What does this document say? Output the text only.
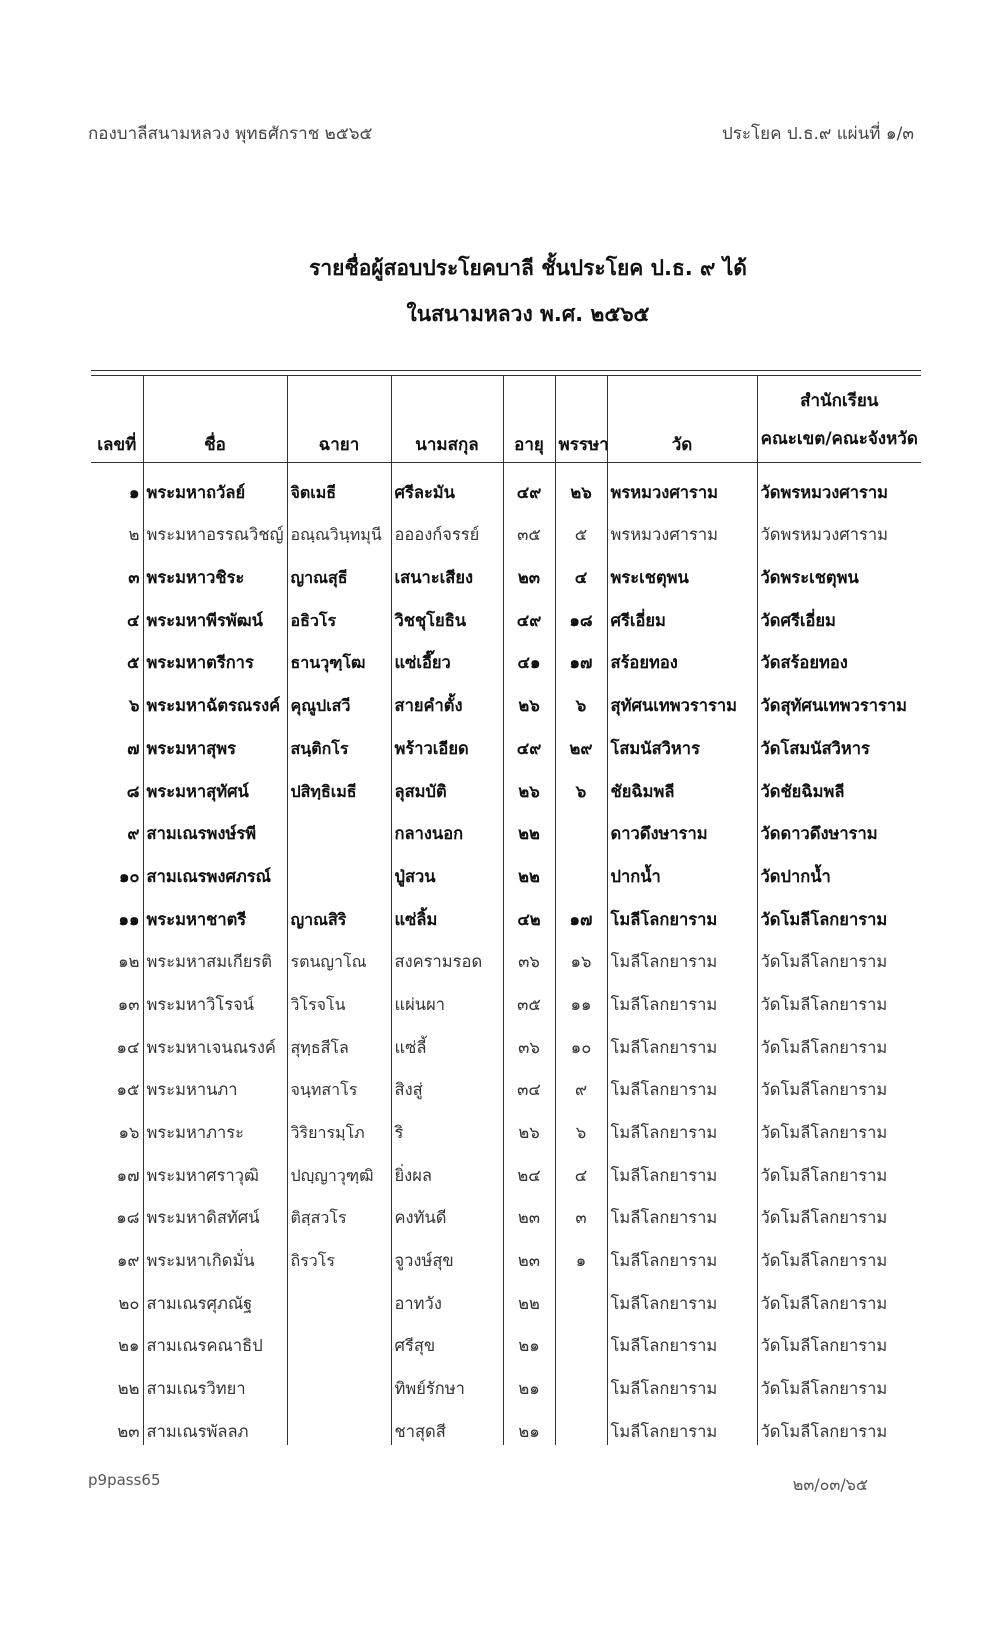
กองบาลีสนามหลวง พุทธศักราช ๒๕๖๕	ประโยค ป.ธ.๙ แผ่นที่ ๑/๓
รายชื่อผู้สอบประโยคบาลี ชั้นประโยค ป.ธ. ๙ ได้
ในสนามหลวง พ.ศ. ๒๕๖๕
เลขที่	ชื่อ	ฉายา	นามสกุล	อายุ	พรรษา	วัด	สำนักเรียน
คณะเขต/คณะจังหวัด

๑	พระมหาถวัลย์	จิตเมธี	ศรีละมัน	๔๙	๒๖	พรหมวงศาราม	วัดพรหมวงศาราม
๒	พระมหาอรรณวิชญ์	อณฺณวินฺทมุนี	ออองก์จรรย์	๓๕	๕	พรหมวงศาราม	วัดพรหมวงศาราม
๓	พระมหาวชิระ	ญาณสุธี	เสนาะเสียง	๒๓	๔	พระเชตุพน	วัดพระเชตุพน
๔	พระมหาพีรพัฒน์	อธิวโร	วิชชุโยธิน	๔๙	๑๘	ศรีเอี่ยม	วัดศรีเอี่ยม
๕	พระมหาตรีการ	ธานวุฑฺโฒ	แซ่เอี๊ยว	๔๑	๑๗	สร้อยทอง	วัดสร้อยทอง
๖	พระมหาฉัตรณรงค์	คุณูปเสวี	สายคำตั้ง	๒๖	๖	สุทัศนเทพวราราม	วัดสุทัศนเทพวราราม
๗	พระมหาสุพร	สนฺติกโร	พร้าวเอียด	๔๙	๒๙	โสมนัสวิหาร	วัดโสมนัสวิหาร
๘	พระมหาสุทัศน์	ปสิทฺธิเมธี	ลุสมบัติ	๒๖	๖	ชัยฉิมพลี	วัดชัยฉิมพลี
๙	สามเณรพงษ์รพี		กลางนอก	๒๒		ดาวดึงษาราม	วัดดาวดึงษาราม
๑๐	สามเณรพงศภรณ์		ปู่สวน	๒๒		ปากน้ำ	วัดปากน้ำ
๑๑	พระมหาชาตรี	ญาณสิริ	แซ่ลิ้ม	๔๒	๑๗	โมลีโลกยาราม	วัดโมลีโลกยาราม
๑๒	พระมหาสมเกียรติ	รตนญาโณ	สงครามรอด	๓๖	๑๖	โมลีโลกยาราม	วัดโมลีโลกยาราม
๑๓	พระมหาวิโรจน์	วิโรจโน	แผ่นผา	๓๕	๑๑	โมลีโลกยาราม	วัดโมลีโลกยาราม
๑๔	พระมหาเจนณรงค์	สุทฺธสีโล	แซ่ลี้	๓๖	๑๐	โมลีโลกยาราม	วัดโมลีโลกยาราม
๑๕	พระมหานภา	จนฺทสาโร	สิงสู่	๓๔	๙	โมลีโลกยาราม	วัดโมลีโลกยาราม
๑๖	พระมหาภาระ	วิริยารมฺโภ	ริ	๒๖	๖	โมลีโลกยาราม	วัดโมลีโลกยาราม
๑๗	พระมหาศราวุฒิ	ปญฺญาวุฑฺฒิ	ยิ่งผล	๒๔	๔	โมลีโลกยาราม	วัดโมลีโลกยาราม
๑๘	พระมหาดิสทัศน์	ติสฺสวโร	คงทันดี	๒๓	๓	โมลีโลกยาราม	วัดโมลีโลกยาราม
๑๙	พระมหาเกิดมั่น	ถิรวโร	จูวงษ์สุข	๒๓	๑	โมลีโลกยาราม	วัดโมลีโลกยาราม
๒๐	สามเณรศุภณัฐ		อาทวัง	๒๒		โมลีโลกยาราม	วัดโมลีโลกยาราม
๒๑	สามเณรคณาธิป		ศรีสุข	๒๑		โมลีโลกยาราม	วัดโมลีโลกยาราม
๒๒	สามเณรวิทยา		ทิพย์รักษา	๒๑		โมลีโลกยาราม	วัดโมลีโลกยาราม
๒๓	สามเณรพัลลภ		ชาสุดสี	๒๑		โมลีโลกยาราม	วัดโมลีโลกยาราม
p9pass65	๒๓/๐๓/๖๕
